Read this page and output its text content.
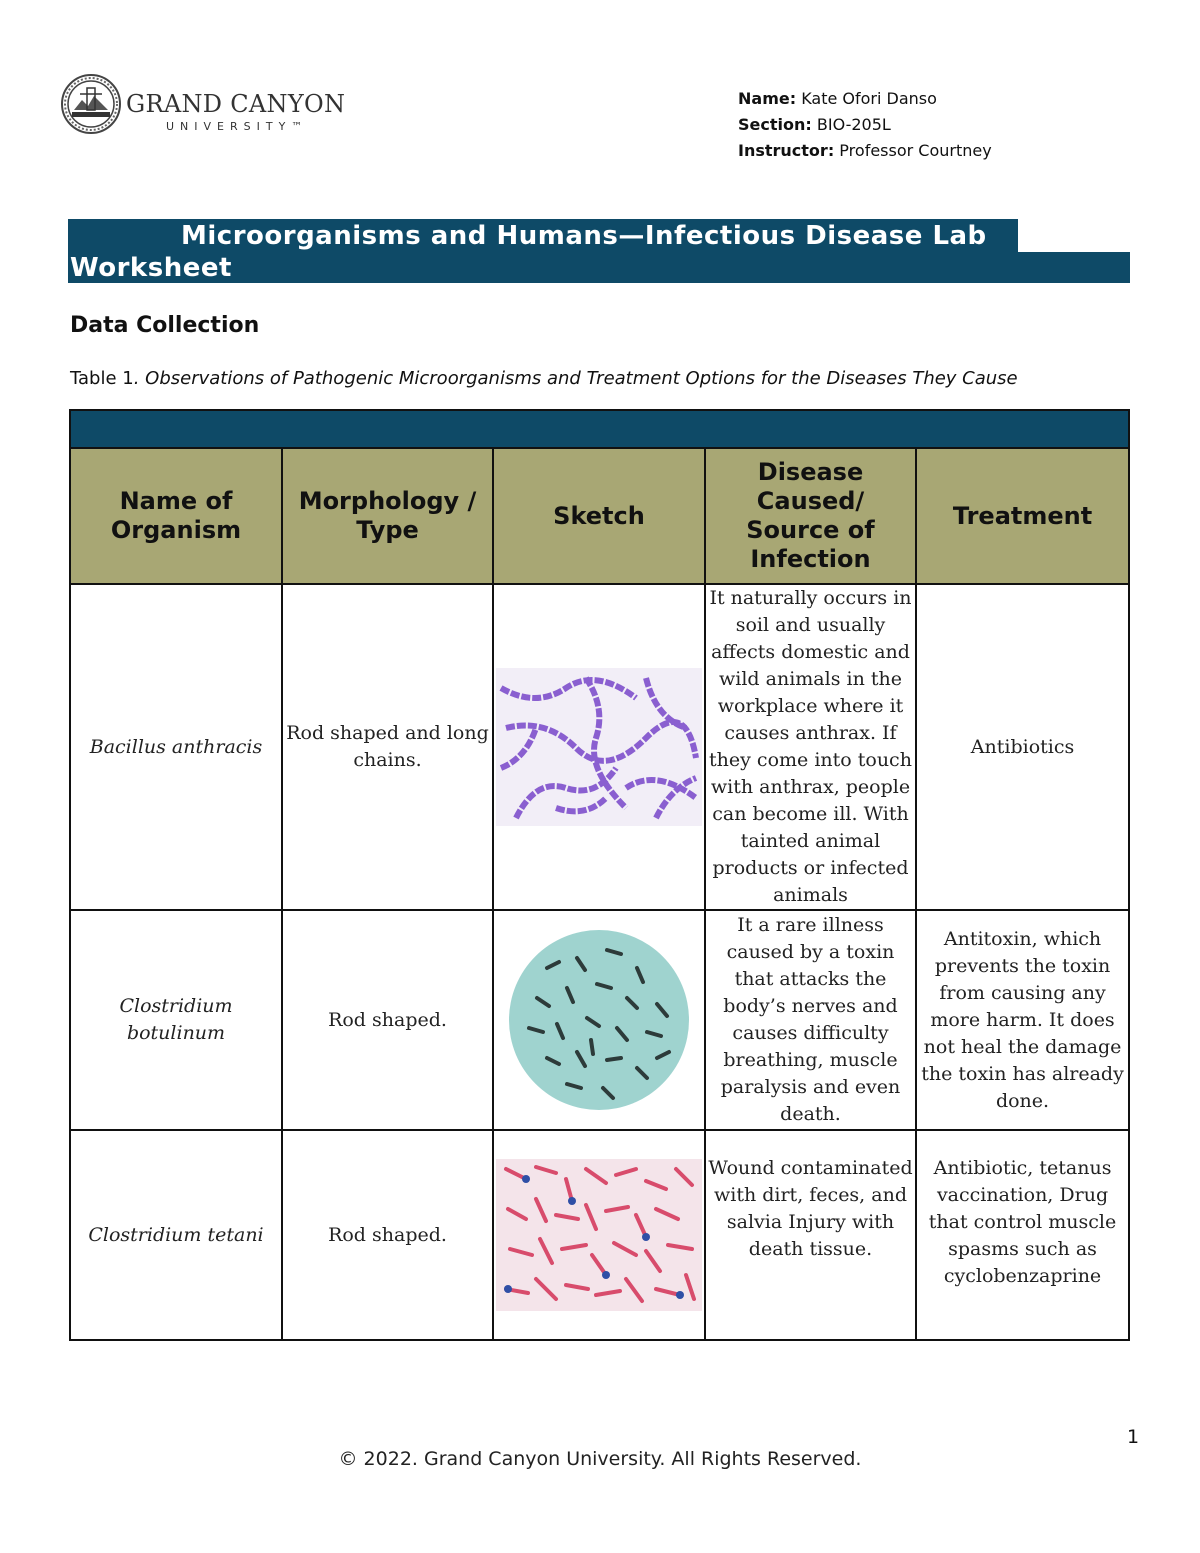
GRAND CANYON
UNIVERSITY™
Name: Kate Ofori Danso
Section: BIO-205L
Instructor: Professor Courtney
Microorganisms and Humans—Infectious Disease Lab
Worksheet
Data Collection
Table 1. Observations of Pathogenic Microorganisms and Treatment Options for the Diseases They Cause

Name of Organism	Morphology / Type	Sketch	Disease Caused/ Source of Infection	Treatment
Bacillus anthracis	Rod shaped and long chains.		It naturally occurs in soil and usually affects domestic and wild animals in the workplace where it causes anthrax. If they come into touch with anthrax, people can become ill. With tainted animal products or infected animals	Antibiotics
Clostridium botulinum	Rod shaped.		It a rare illness caused by a toxin that attacks the body’s nerves and causes difficulty breathing, muscle paralysis and even death.	Antitoxin, which prevents the toxin from causing any more harm. It does not heal the damage the toxin has already done.
Clostridium tetani	Rod shaped.		Wound contaminated with dirt, feces, and salvia Injury with death tissue.	Antibiotic, tetanus vaccination, Drug that control muscle spasms such as cyclobenzaprine
1
© 2022. Grand Canyon University. All Rights Reserved.
